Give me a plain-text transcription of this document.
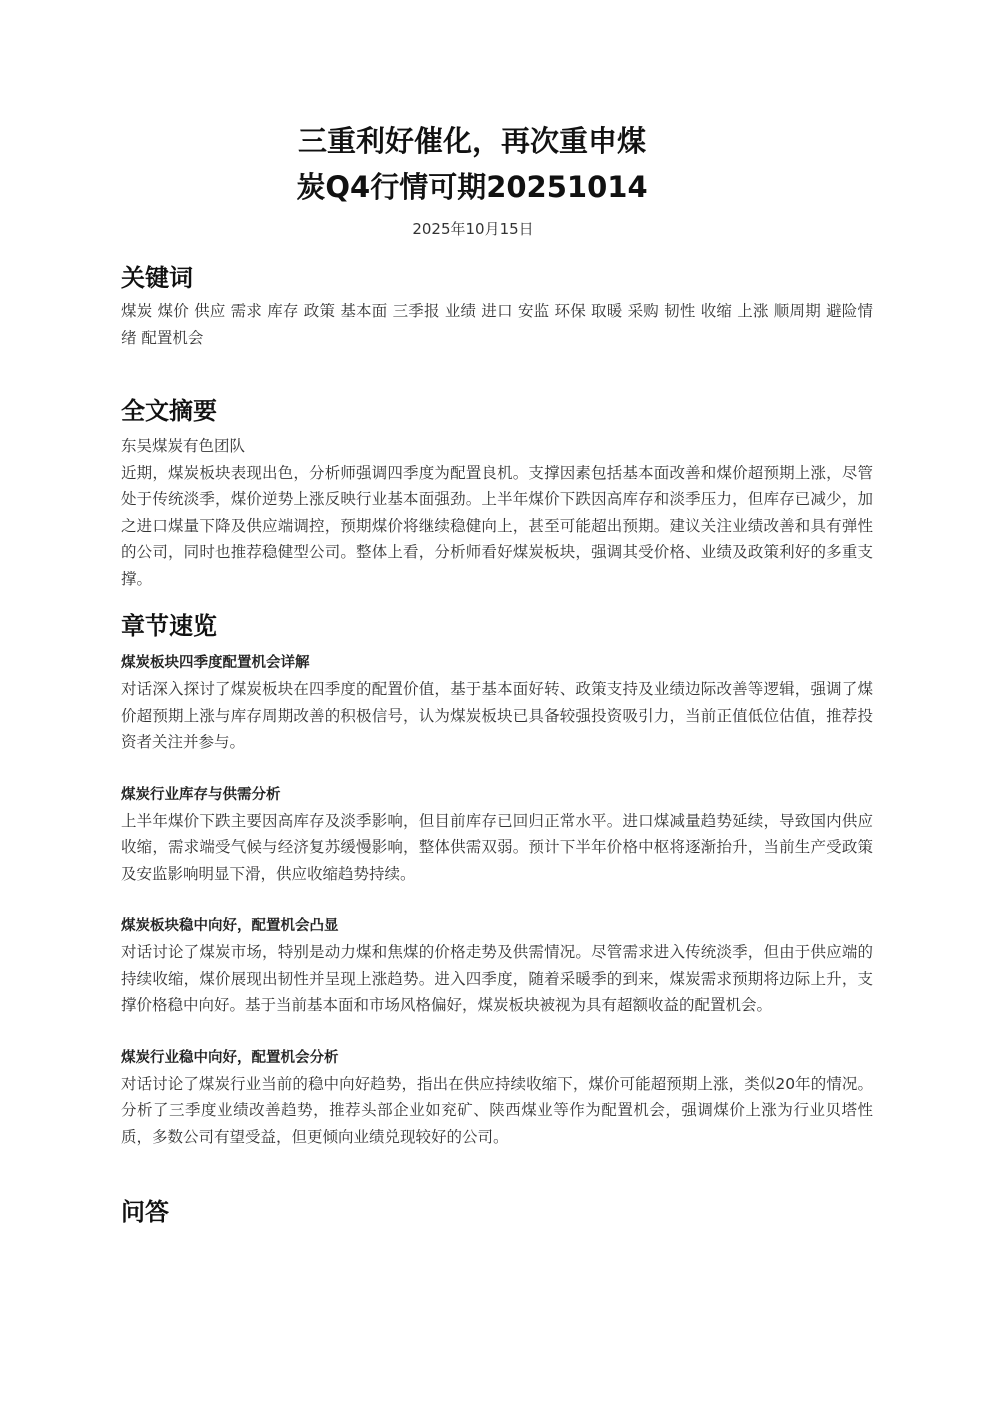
三重利好催化，再次重申煤
炭Q4行情可期20251014
2025年10月15日
关键词

煤炭 煤价 供应 需求 库存 政策 基本面 三季报 业绩 进口 安监 环保 取暖 采购 韧性 收缩 上涨 顺周期 避险情绪 配置机会

全文摘要

东吴煤炭有色团队

近期，煤炭板块表现出色，分析师强调四季度为配置良机。支撑因素包括基本面改善和煤价超预期上涨，尽管处于传统淡季，煤价逆势上涨反映行业基本面强劲。上半年煤价下跌因高库存和淡季压力，但库存已减少，加之进口煤量下降及供应端调控，预期煤价将继续稳健向上，甚至可能超出预期。建议关注业绩改善和具有弹性的公司，同时也推荐稳健型公司。整体上看，分析师看好煤炭板块，强调其受价格、业绩及政策利好的多重支撑。

章节速览
煤炭板块四季度配置机会详解

对话深入探讨了煤炭板块在四季度的配置价值，基于基本面好转、政策支持及业绩边际改善等逻辑，强调了煤价超预期上涨与库存周期改善的积极信号，认为煤炭板块已具备较强投资吸引力，当前正值低位估值，推荐投资者关注并参与。

煤炭行业库存与供需分析

上半年煤价下跌主要因高库存及淡季影响，但目前库存已回归正常水平。进口煤减量趋势延续，导致国内供应收缩，需求端受气候与经济复苏缓慢影响，整体供需双弱。预计下半年价格中枢将逐渐抬升，当前生产受政策及安监影响明显下滑，供应收缩趋势持续。

煤炭板块稳中向好，配置机会凸显

对话讨论了煤炭市场，特别是动力煤和焦煤的价格走势及供需情况。尽管需求进入传统淡季，但由于供应端的持续收缩，煤价展现出韧性并呈现上涨趋势。进入四季度，随着采暖季的到来，煤炭需求预期将边际上升，支撑价格稳中向好。基于当前基本面和市场风格偏好，煤炭板块被视为具有超额收益的配置机会。

煤炭行业稳中向好，配置机会分析

对话讨论了煤炭行业当前的稳中向好趋势，指出在供应持续收缩下，煤价可能超预期上涨，类似20年的情况。分析了三季度业绩改善趋势，推荐头部企业如兖矿、陕西煤业等作为配置机会，强调煤价上涨为行业贝塔性质，多数公司有望受益，但更倾向业绩兑现较好的公司。

问答
